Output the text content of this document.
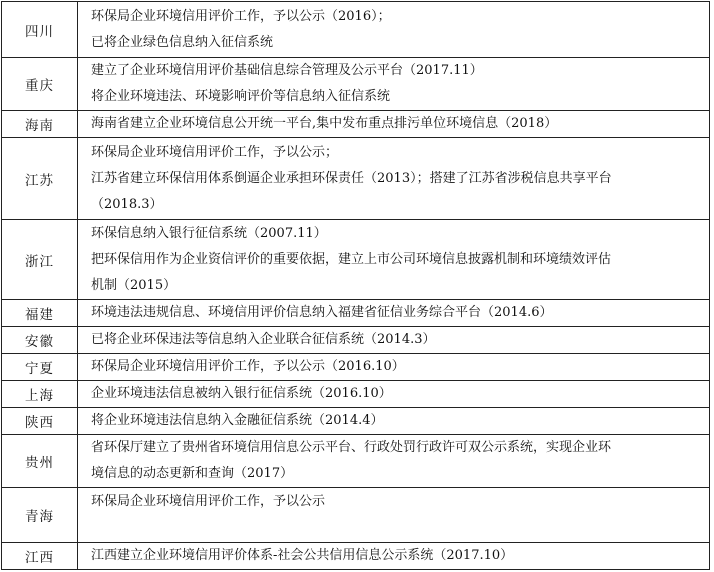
四川	环保局企业环境信用评价工作，予以公示（2016）；
已将企业绿色信息纳入征信系统

重庆	建立了企业环境信用评价基础信息综合管理及公示平台（2017.11）
将企业环境违法、环境影响评价等信息纳入征信系统

海南	海南省建立企业环境信息公开统一平台,集中发布重点排污单位环境信息（2018）

江苏	环保局企业环境信用评价工作，予以公示；
江苏省建立环保信用体系倒逼企业承担环保责任（2013）；搭建了江苏省涉税信息共享平台
（2018.3）

浙江	环保信息纳入银行征信系统（2007.11）
把环保信用作为企业资信评价的重要依据，建立上市公司环境信息披露机制和环境绩效评估
机制（2015）

福建	环境违法违规信息、环境信用评价信息纳入福建省征信业务综合平台（2014.6）

安徽	已将企业环保违法等信息纳入企业联合征信系统（2014.3）

宁夏	环保局企业环境信用评价工作，予以公示（2016.10）

上海	企业环境违法信息被纳入银行征信系统（2016.10）

陕西	将企业环境违法信息纳入金融征信系统（2014.4）

贵州	省环保厅建立了贵州省环境信用信息公示平台、行政处罚行政许可双公示系统，实现企业环
境信息的动态更新和查询（2017）

青海	环保局企业环境信用评价工作，予以公示

江西	江西建立企业环境信用评价体系-社会公共信用信息公示系统（2017.10）
